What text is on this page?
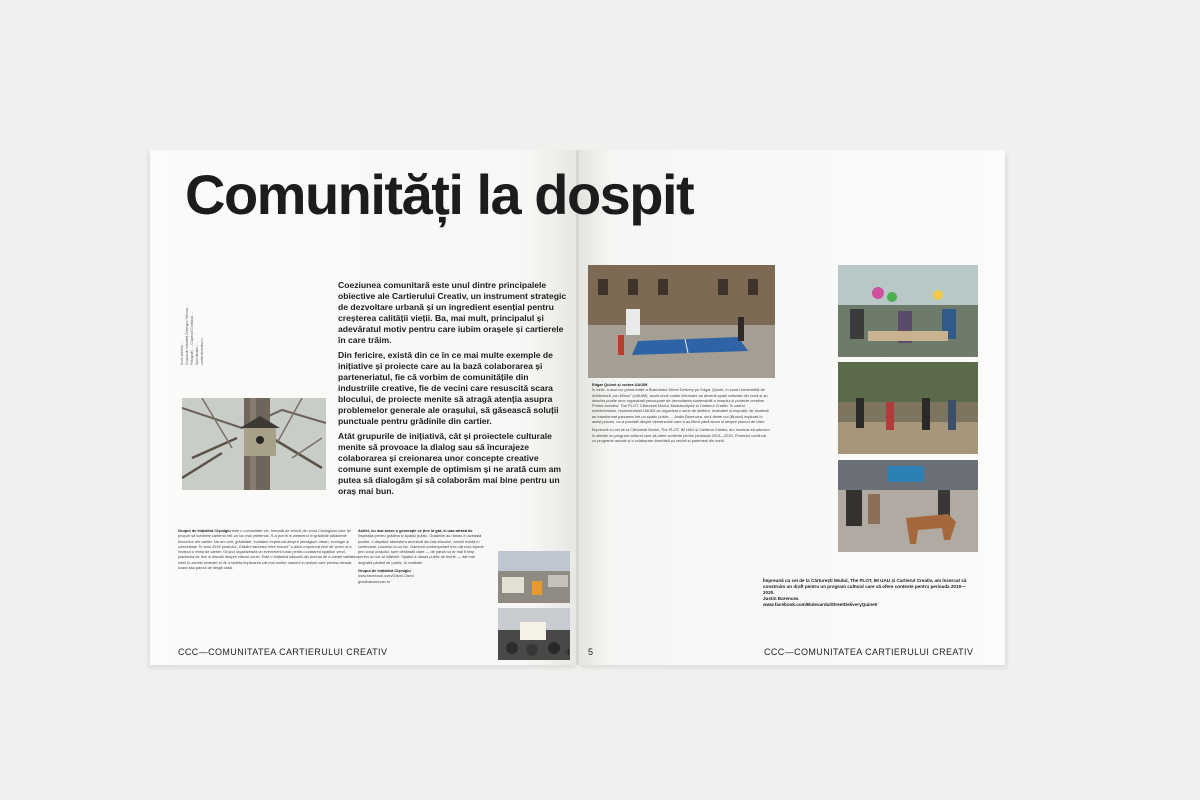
Scrie Aurelia ... Grupul de Inițiativă Cișmigiu / Mircea ... Fotografii: ... Ciupercă Cristiana ... Specificație / ... cartierulcreativ.ro

Coeziunea comunitară este unul dintre principalele obiective ale Cartierului Creativ, un instrument strategic de dezvoltare urbană și un ingredient esențial pentru creșterea calității vieții. Ba, mai mult, principalul și adevăratul motiv pentru care iubim orașele și cartierele în care trăim.

Din fericire, există din ce în ce mai multe exemple de inițiative și proiecte care au la bază colaborarea și parteneriatul, fie că vorbim de comunitățile din industriile creative, fie de vecini care resuscită scara blocului, de proiecte menite să atragă atenția asupra problemelor generale ale orașului, să găsească soluții punctuale pentru grădinile din cartier.

Atât grupurile de inițiativă, cât și proiectele culturale menite să provoace la dialog sau să încurajeze colaborarea și creionarea unor concepte creative comune sunt exemple de optimism și ne arată cum am putea să dialogăm și să colaborăm mai bine pentru un oraș mai bun.

Grupul de Inițiativă Cișmigiu este o comunitate vie, formată de vecinii din zona Cișmigiului care își propun să schimbe cartierul într-un loc mai prietenos. S-a pornit în weekend în grădinile adiacente blocurilor din cartier. Ne-am unit, grădinărit, învățând împreună despre peisagism urban, ecologie și comunitate. În anul 2016 proiectul „Grădini ascunse între blocuri” a adus împreună zeci de vecini și a început o rețea de cartier. Grupul organizează un eveniment lunar pentru curățarea spațiilor verzi, plantarea de flori și discuții despre viitorul zonei. Este o inițiativă născută din dorința de a crește calitatea vieții în zonele centrale și de a facilita implicarea cât mai multor oameni în acțiuni care privesc strada, scara sau parcul de lângă casă.

Astfel, nu mai avem o generație ce ține la gât, ci una atrasă de inspirația pentru grădina și spațiul public. Grădinile au rămas în această poziție, o dispărut atmosfera anonimă din fața blocului, vecinii există în continuare, locuiesc la un loc. Oamenii contemporani trec cât mai repede prin zona orașului, spre destinații clare — de parcă nu ar mai fi timp pentru un loc al întâlnirii. Spațiul a rămas public de teorie — dar mai degrabă părăsit de public, în realitate.

Grupul de inițiativă Cișmigiu
www.facebook.com/GIsmi.Cism/
gradinacomunei.ru

CCC—COMUNITATEA CARTIERULUI CREATIV	4

Edgar Quinet și curtea UAUIM
În iunie, a avut loc prima ediție a Bulevardul Street Delivery pe Edgar Quinet, în zona Universității de Arhitectură „Ion Mincu” (UAUIM), acolo unde curțile interioare au devenit spații culturale din zonă și au deschis porțile unor organizații preocupate de dezvoltarea sustenabilă a orașului și proiecte creative. Printre acestea: The PLOT, Cărturești Modul, Modulsculptor și Cartierul Creativ. În cadrul evenimentului, reprezentanții UAUIM au organizat o serie de ateliere, dezbateri și expoziții, iar studenții au transformat parcarea într-un spațiu public ... Justin Barencea, unul dintre noi (Bursoi) implicați în acest proces, ne-a povestit despre demersurile care s-au făcut până acum și despre planuri de viitor.

Împreună cu cei de la Cărturești Modul, The PLOT, IM UAU și Cartierul Creativ, am încercat să aducem în atenție un program cultural care să ofere contexte pentru perioada 2019—2020. Proiectul continuă cu programe anuale și o colaborare deschisă cu vecinii și partenerii din zonă.

Împreună cu cei de la Cărturești Modul, The PLOT, IM UAU și Cartierul Creativ, am încercat să construim un draft pentru un program cultural care să ofere contexte pentru perioada 2019—2020.

Justin Barencea

www.facebook.com/BulevardulStreetDeliveryQuinet/

5	CCC—COMUNITATEA CARTIERULUI CREATIV
Comunități la dospit
